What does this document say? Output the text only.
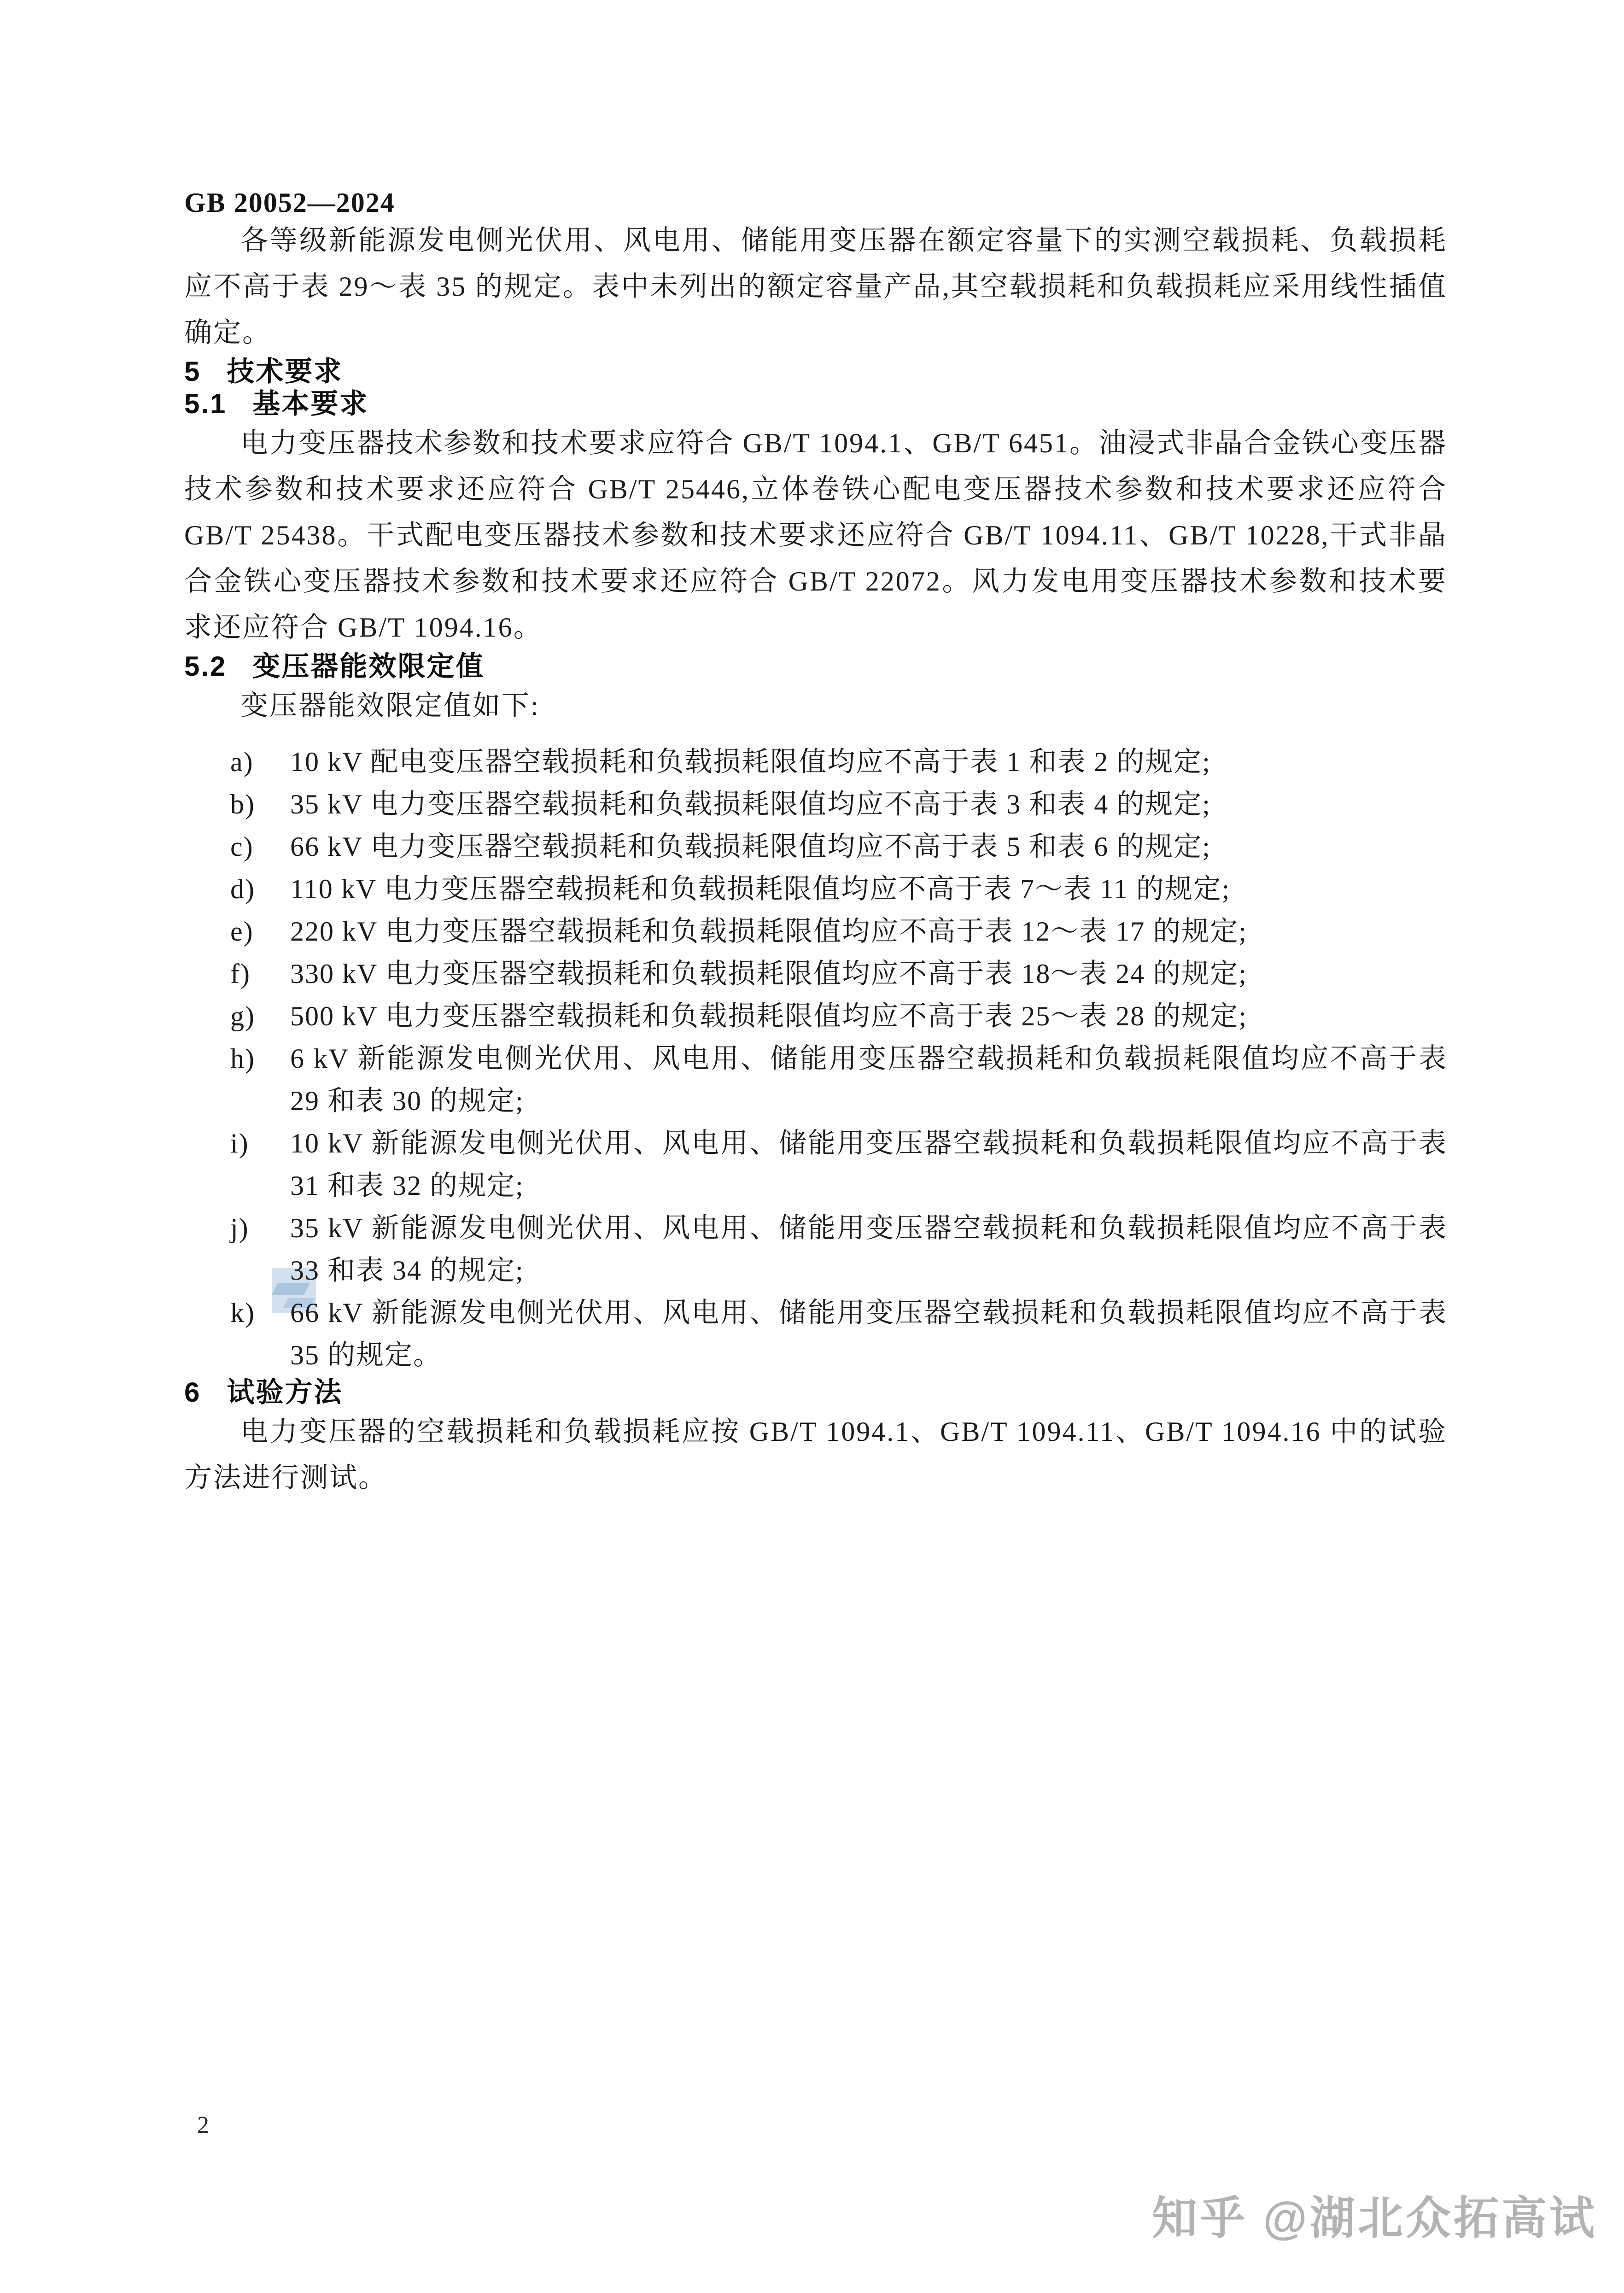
GB 20052—2024

各等级新能源发电侧光伏用、风电用、储能用变压器在额定容量下的实测空载损耗、负载损耗应不高于表 29～表 35 的规定。表中未列出的额定容量产品,其空载损耗和负载损耗应采用线性插值确定。

5 技术要求
5.1 基本要求

电力变压器技术参数和技术要求应符合 GB/T 1094.1、GB/T 6451。油浸式非晶合金铁心变压器技术参数和技术要求还应符合 GB/T 25446,立体卷铁心配电变压器技术参数和技术要求还应符合 GB/T 25438。干式配电变压器技术参数和技术要求还应符合 GB/T 1094.11、GB/T 10228,干式非晶合金铁心变压器技术参数和技术要求还应符合 GB/T 22072。风力发电用变压器技术参数和技术要求还应符合 GB/T 1094.16。

5.2 变压器能效限定值

变压器能效限定值如下:

a) 10 kV 配电变压器空载损耗和负载损耗限值均应不高于表 1 和表 2 的规定;
b) 35 kV 电力变压器空载损耗和负载损耗限值均应不高于表 3 和表 4 的规定;
c) 66 kV 电力变压器空载损耗和负载损耗限值均应不高于表 5 和表 6 的规定;
d) 110 kV 电力变压器空载损耗和负载损耗限值均应不高于表 7～表 11 的规定;
e) 220 kV 电力变压器空载损耗和负载损耗限值均应不高于表 12～表 17 的规定;
f) 330 kV 电力变压器空载损耗和负载损耗限值均应不高于表 18～表 24 的规定;
g) 500 kV 电力变压器空载损耗和负载损耗限值均应不高于表 25～表 28 的规定;
h) 6 kV 新能源发电侧光伏用、风电用、储能用变压器空载损耗和负载损耗限值均应不高于表 29 和表 30 的规定;
i) 10 kV 新能源发电侧光伏用、风电用、储能用变压器空载损耗和负载损耗限值均应不高于表 31 和表 32 的规定;
j) 35 kV 新能源发电侧光伏用、风电用、储能用变压器空载损耗和负载损耗限值均应不高于表 33 和表 34 的规定;
k) 66 kV 新能源发电侧光伏用、风电用、储能用变压器空载损耗和负载损耗限值均应不高于表 35 的规定。
6 试验方法

电力变压器的空载损耗和负载损耗应按 GB/T 1094.1、GB/T 1094.11、GB/T 1094.16 中的试验方法进行测试。

2
知乎 @湖北众拓高试
